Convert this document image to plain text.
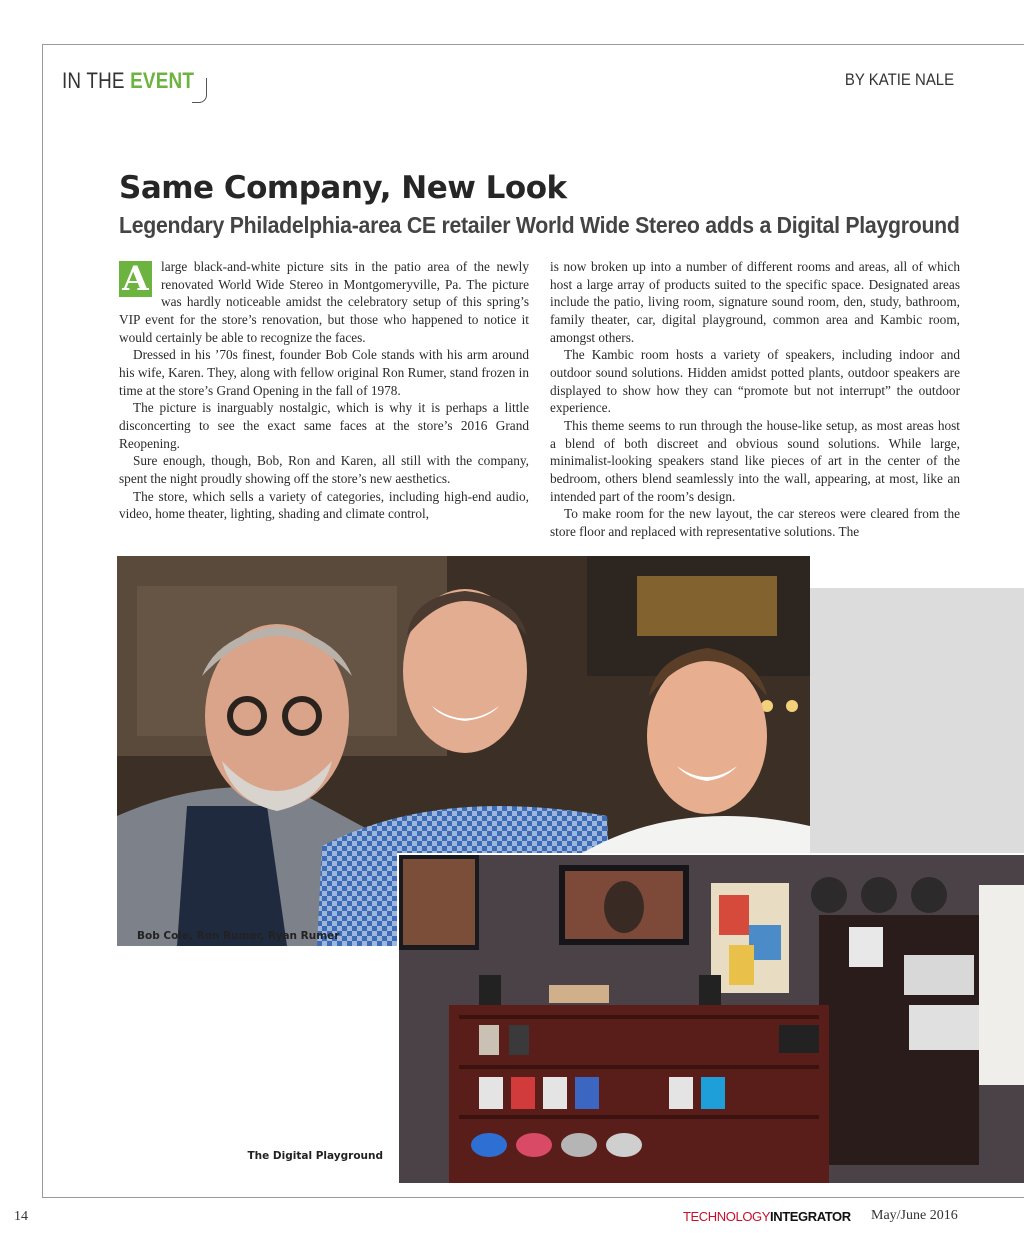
IN THE EVENT	BY KATIE NALE
Same Company, New Look
Legendary Philadelphia-area CE retailer World Wide Stereo adds a Digital Playground

A large black-and-white picture sits in the patio area of the newly renovated World Wide Stereo in Montgomeryville, Pa. The picture was hardly noticeable amidst the celebratory setup of this spring’s VIP event for the store’s renovation, but those who happened to notice it would certainly be able to recognize the faces.

Dressed in his ’70s finest, founder Bob Cole stands with his arm around his wife, Karen. They, along with fellow original Ron Rumer, stand frozen in time at the store’s Grand Opening in the fall of 1978.

The picture is inarguably nostalgic, which is why it is perhaps a little disconcerting to see the exact same faces at the store’s 2016 Grand Reopening.

Sure enough, though, Bob, Ron and Karen, all still with the company, spent the night proudly showing off the store’s new aesthetics.

The store, which sells a variety of categories, including high-end audio, video, home theater, lighting, shading and climate control,

is now broken up into a number of different rooms and areas, all of which host a large array of products suited to the specific space. Designated areas include the patio, living room, signature sound room, den, study, bathroom, family theater, car, digital playground, common area and Kambic room, amongst others.

The Kambic room hosts a variety of speakers, including indoor and outdoor sound solutions. Hidden amidst potted plants, outdoor speakers are displayed to show how they can “promote but not interrupt” the outdoor experience.

This theme seems to run through the house-like setup, as most areas host a blend of both discreet and obvious sound solutions. While large, minimalist-looking speakers stand like pieces of art in the center of the bedroom, others blend seamlessly into the wall, appearing, at most, like an intended part of the room’s design.

To make room for the new layout, the car stereos were cleared from the store floor and replaced with representative solutions. The

Bob Cole, Ron Rumer, Ryan Rumer
The Digital Playground
14	TECHNOLOGYINTEGRATOR May/June 2016
